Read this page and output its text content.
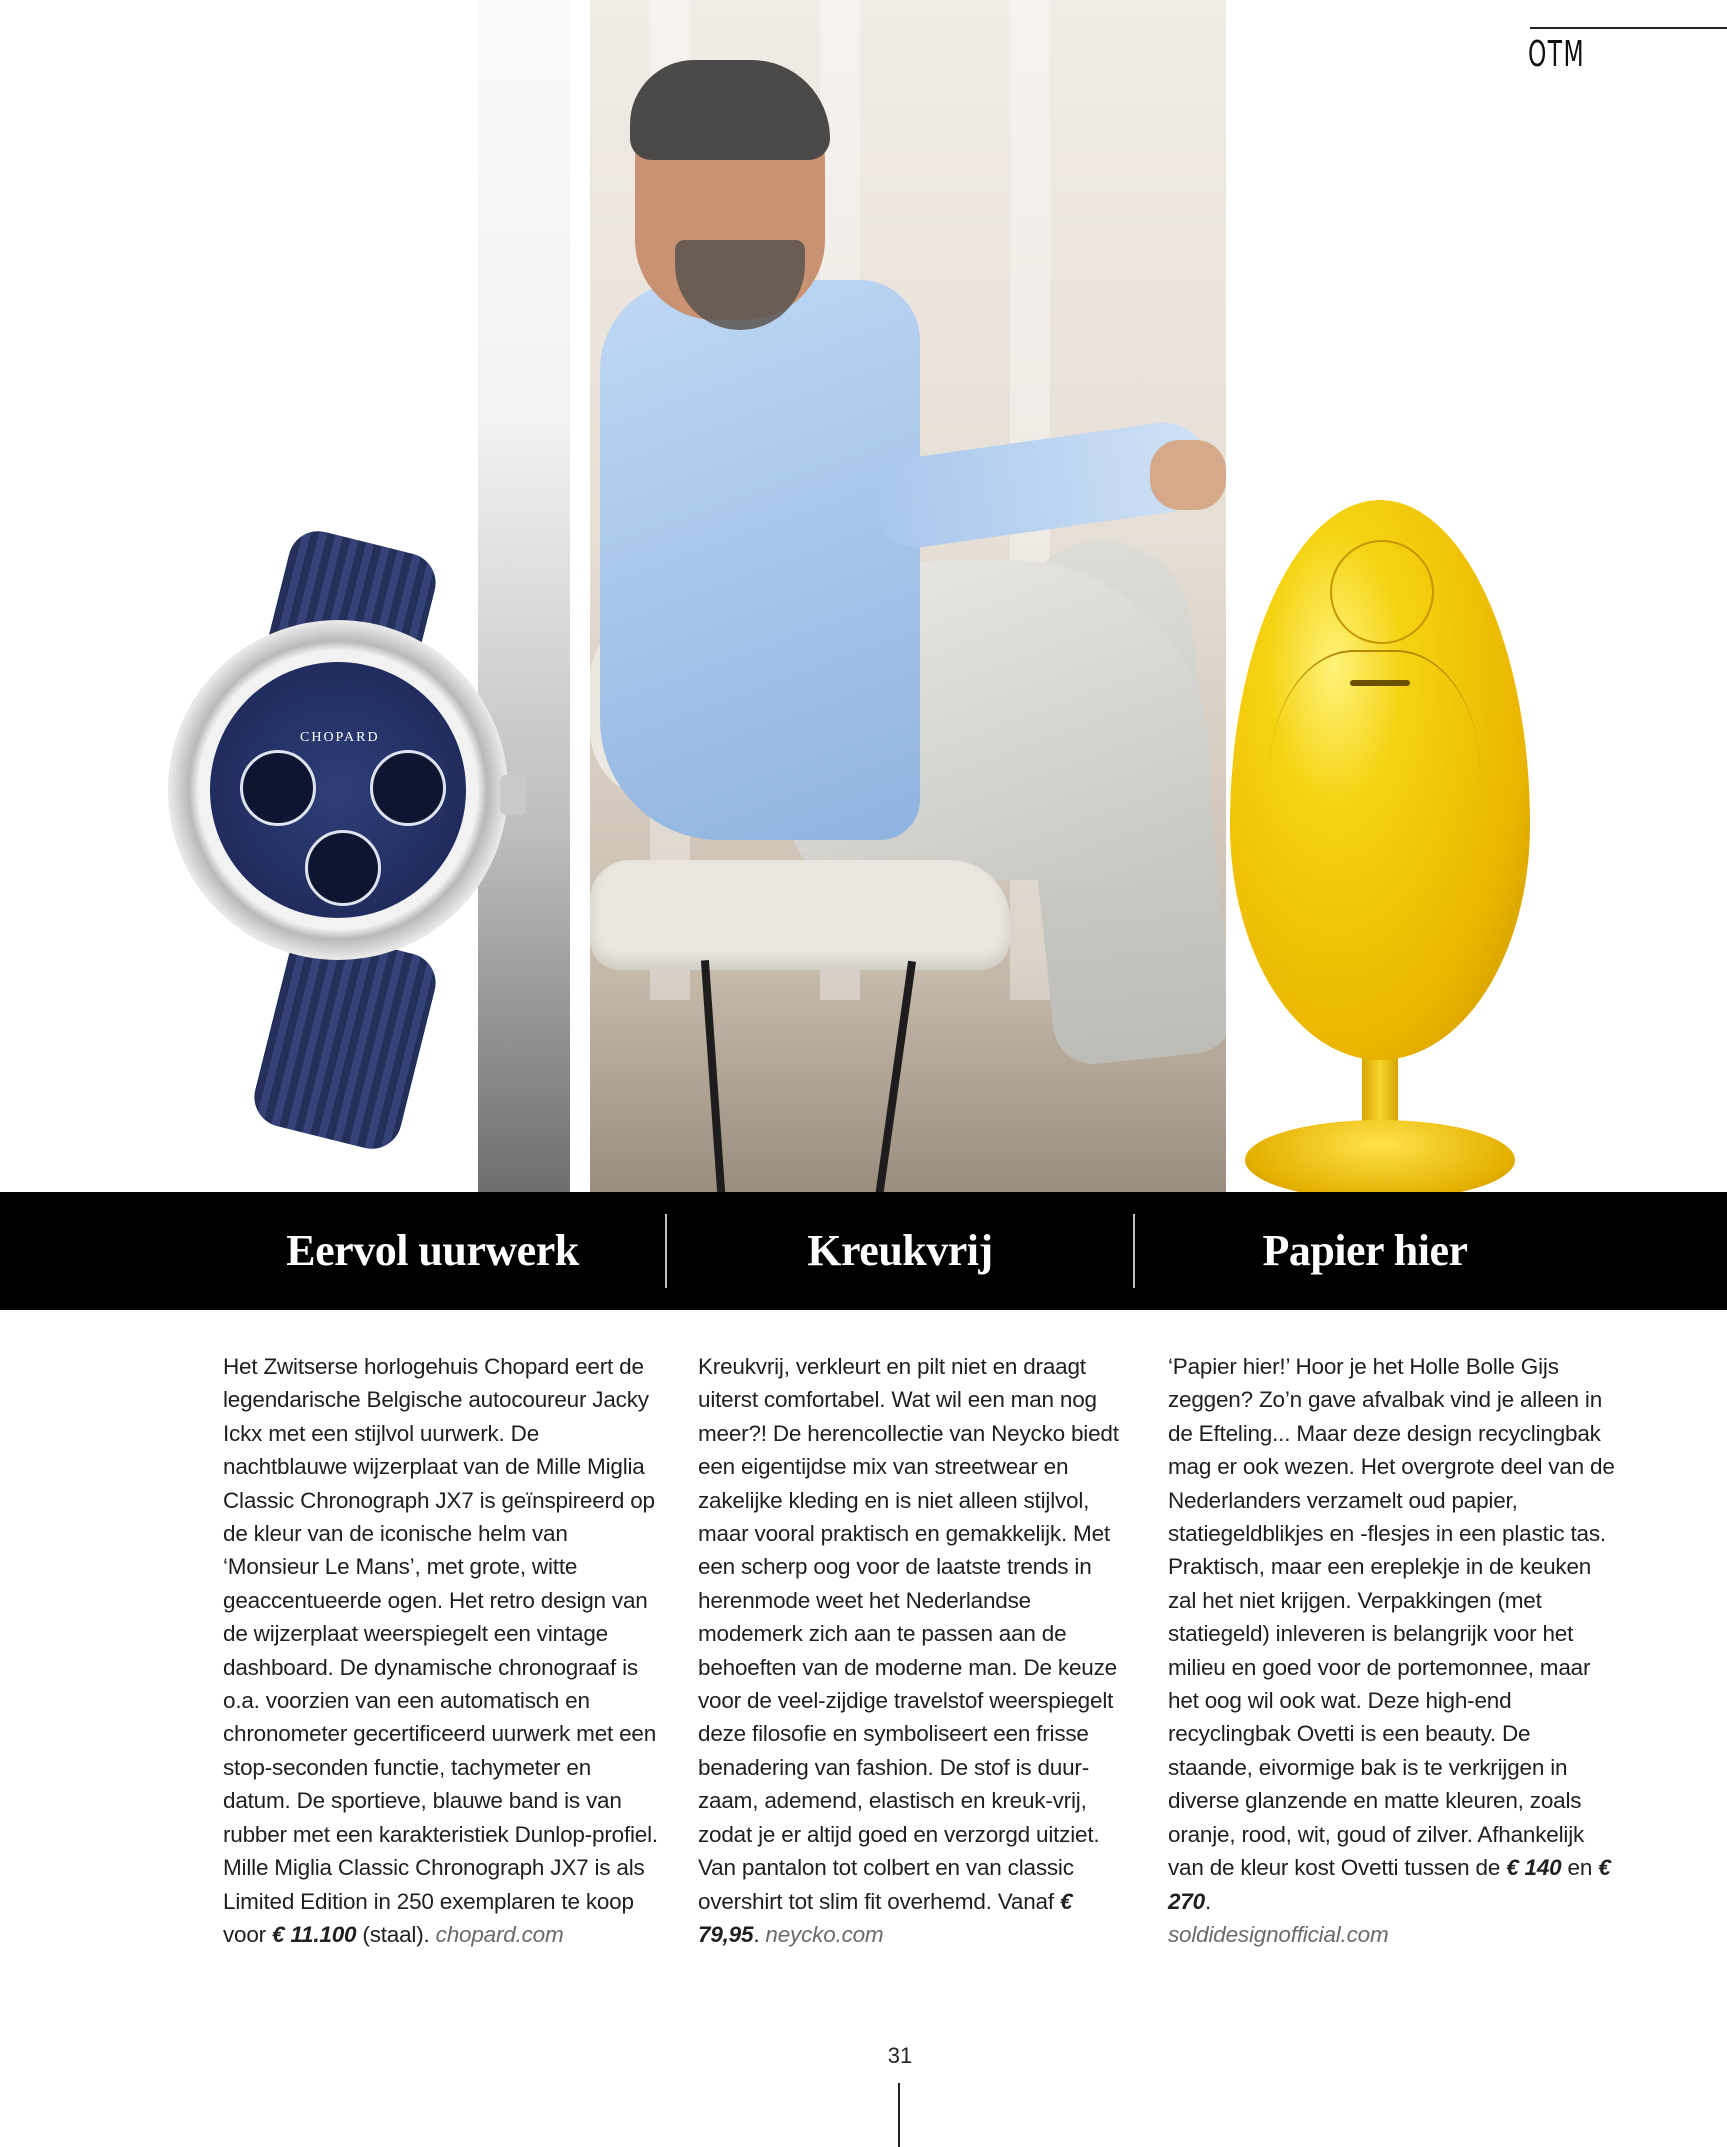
OTM
CHOPARD
Eervol uurwerk	Kreukvrij	Papier hier

Het Zwitserse horlogehuis Chopard eert de legendarische Belgische autocoureur Jacky Ickx met een stijlvol uurwerk. De nachtblauwe wijzerplaat van de Mille Miglia Classic Chronograph JX7 is geïnspireerd op de kleur van de iconische helm van ‘Monsieur Le Mans’, met grote, witte geaccentueerde ogen. Het retro design van de wijzerplaat weerspiegelt een vintage dashboard. De dynamische chronograaf is o.a. voorzien van een automatisch en chronometer gecertificeerd uurwerk met een stop-seconden functie, tachymeter en datum. De sportieve, blauwe band is van rubber met een karakteristiek Dunlop-profiel. Mille Miglia Classic Chronograph JX7 is als Limited Edition in 250 exemplaren te koop voor € 11.100 (staal). chopard.com

Kreukvrij, verkleurt en pilt niet en draagt uiterst comfortabel. Wat wil een man nog meer?! De herencollectie van Neycko biedt een eigentijdse mix van streetwear en zakelijke kleding en is niet alleen stijlvol, maar vooral praktisch en gemakkelijk. Met een scherp oog voor de laatste trends in herenmode weet het Nederlandse modemerk zich aan te passen aan de behoeften van de moderne man. De keuze voor de veel-zijdige travelstof weerspiegelt deze filosofie en symboliseert een frisse benadering van fashion. De stof is duur-zaam, ademend, elastisch en kreuk-vrij, zodat je er altijd goed en verzorgd uitziet. Van pantalon tot colbert en van classic overshirt tot slim fit overhemd. Vanaf € 79,95. neycko.com

‘Papier hier!’ Hoor je het Holle Bolle Gijs zeggen? Zo’n gave afvalbak vind je alleen in de Efteling... Maar deze design recyclingbak mag er ook wezen. Het overgrote deel van de Nederlanders verzamelt oud papier, statiegeldblikjes en -flesjes in een plastic tas. Praktisch, maar een ereplekje in de keuken zal het niet krijgen. Verpakkingen (met statiegeld) inleveren is belangrijk voor het milieu en goed voor de portemonnee, maar het oog wil ook wat. Deze high-end recyclingbak Ovetti is een beauty. De staande, eivormige bak is te verkrijgen in diverse glanzende en matte kleuren, zoals oranje, rood, wit, goud of zilver. Afhankelijk van de kleur kost Ovetti tussen de € 140 en € 270.
soldidesignofficial.com

31
